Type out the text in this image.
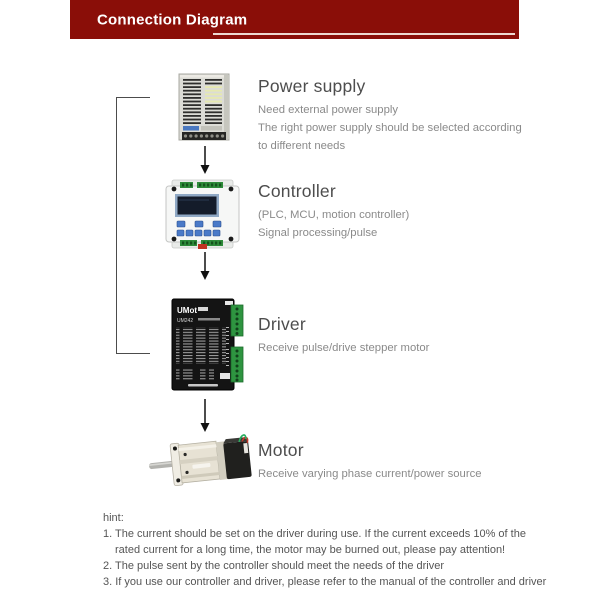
Connection Diagram
UMot
UM242
Power supply
Need external power supply
The right power supply should be selected according
to different needs
Controller
(PLC, MCU, motion controller)
Signal processing/pulse
Driver
Receive pulse/drive stepper motor
Motor
Receive varying phase current/power source
hint:
1. The current should be set on the driver during use. If the current exceeds 10% of the
rated current for a long time, the motor may be burned out, please pay attention!
2. The pulse sent by the controller should meet the needs of the driver
3. If you use our controller and driver, please refer to the manual of the controller and driver
